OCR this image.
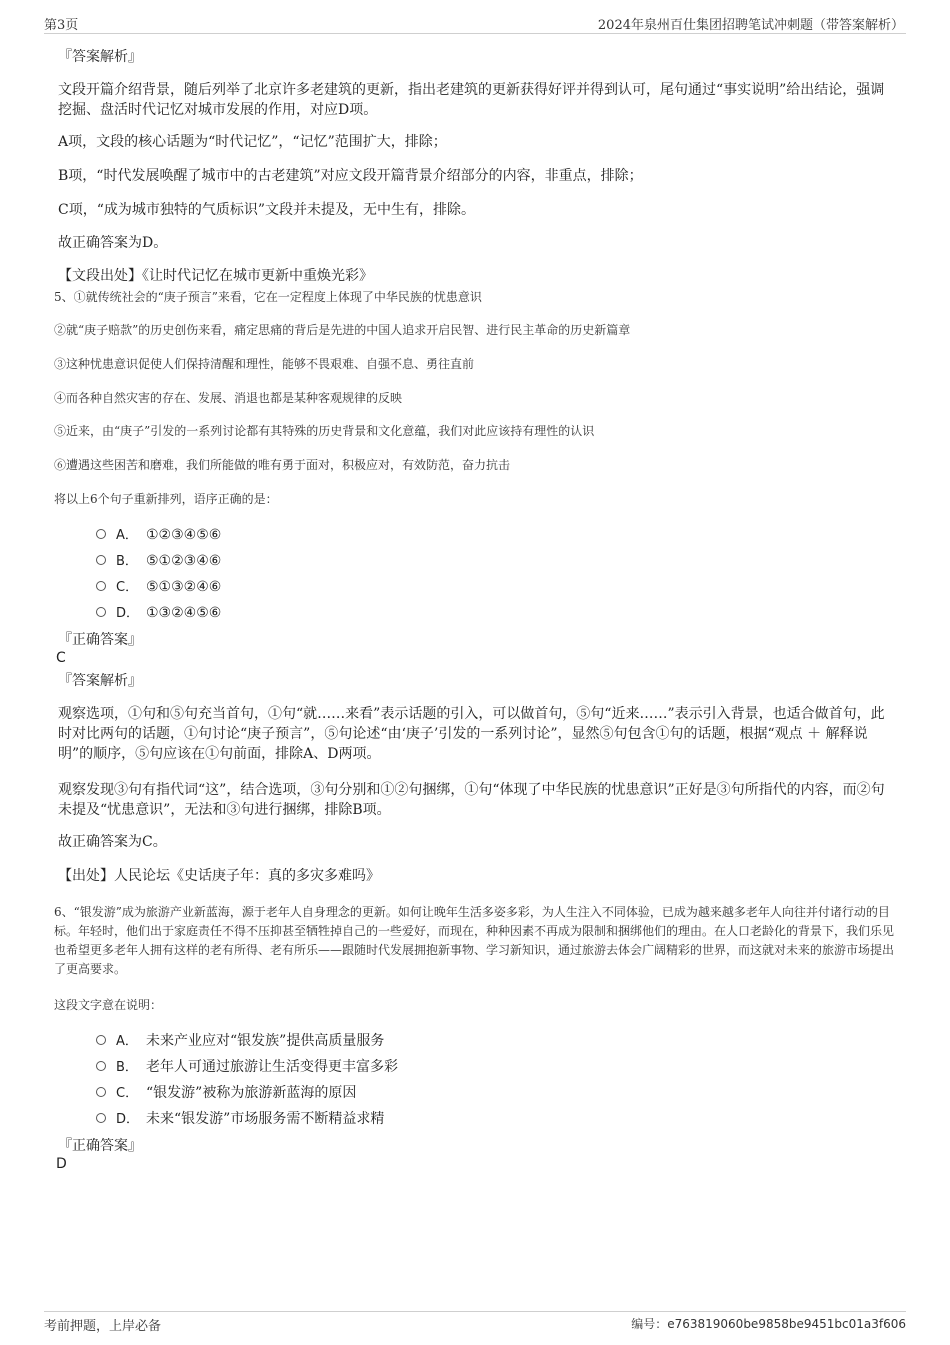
第3页	2024年泉州百仕集团招聘笔试冲刺题（带答案解析）
『答案解析』
文段开篇介绍背景，随后列举了北京许多老建筑的更新，指出老建筑的更新获得好评并得到认可，尾句通过“事实说明”给出结论，强调挖掘、盘活时代记忆对城市发展的作用，对应D项。
A项，文段的核心话题为“时代记忆”，“记忆”范围扩大，排除；
B项，“时代发展唤醒了城市中的古老建筑”对应文段开篇背景介绍部分的内容，非重点，排除；
C项，“成为城市独特的气质标识”文段并未提及，无中生有，排除。
故正确答案为D。
【文段出处】《让时代记忆在城市更新中重焕光彩》
5、①就传统社会的“庚子预言”来看，它在一定程度上体现了中华民族的忧患意识
②就“庚子赔款”的历史创伤来看，痛定思痛的背后是先进的中国人追求开启民智、进行民主革命的历史新篇章
③这种忧患意识促使人们保持清醒和理性，能够不畏艰难、自强不息、勇往直前
④而各种自然灾害的存在、发展、消退也都是某种客观规律的反映
⑤近来，由“庚子”引发的一系列讨论都有其特殊的历史背景和文化意蕴，我们对此应该持有理性的认识
⑥遭遇这些困苦和磨难，我们所能做的唯有勇于面对，积极应对，有效防范，奋力抗击
将以上6个句子重新排列，语序正确的是：
A． ①②③④⑤⑥
B． ⑤①②③④⑥
C． ⑤①③②④⑥
D． ①③②④⑤⑥
『正确答案』
C
『答案解析』
观察选项，①句和⑤句充当首句，①句“就……来看”表示话题的引入，可以做首句，⑤句“近来……”表示引入背景，也适合做首句，此时对比两句的话题，①句讨论“庚子预言”，⑤句论述“由‘庚子’引发的一系列讨论”，显然⑤句包含①句的话题，根据“观点 ＋ 解释说明”的顺序，⑤句应该在①句前面，排除A、D两项。
观察发现③句有指代词“这”，结合选项，③句分别和①②句捆绑，①句“体现了中华民族的忧患意识”正好是③句所指代的内容，而②句未提及“忧患意识”，无法和③句进行捆绑，排除B项。
故正确答案为C。
【出处】人民论坛《史话庚子年：真的多灾多难吗》
6、“银发游”成为旅游产业新蓝海，源于老年人自身理念的更新。如何让晚年生活多姿多彩，为人生注入不同体验，已成为越来越多老年人向往并付诸行动的目标。年轻时，他们出于家庭责任不得不压抑甚至牺牲掉自己的一些爱好，而现在，种种因素不再成为限制和捆绑他们的理由。在人口老龄化的背景下，我们乐见也希望更多老年人拥有这样的老有所得、老有所乐——跟随时代发展拥抱新事物、学习新知识，通过旅游去体会广阔精彩的世界，而这就对未来的旅游市场提出了更高要求。
这段文字意在说明：
A． 未来产业应对“银发族”提供高质量服务
B． 老年人可通过旅游让生活变得更丰富多彩
C． “银发游”被称为旅游新蓝海的原因
D． 未来“银发游”市场服务需不断精益求精
『正确答案』
D
考前押题，上岸必备	编号：e763819060be9858be9451bc01a3f606
